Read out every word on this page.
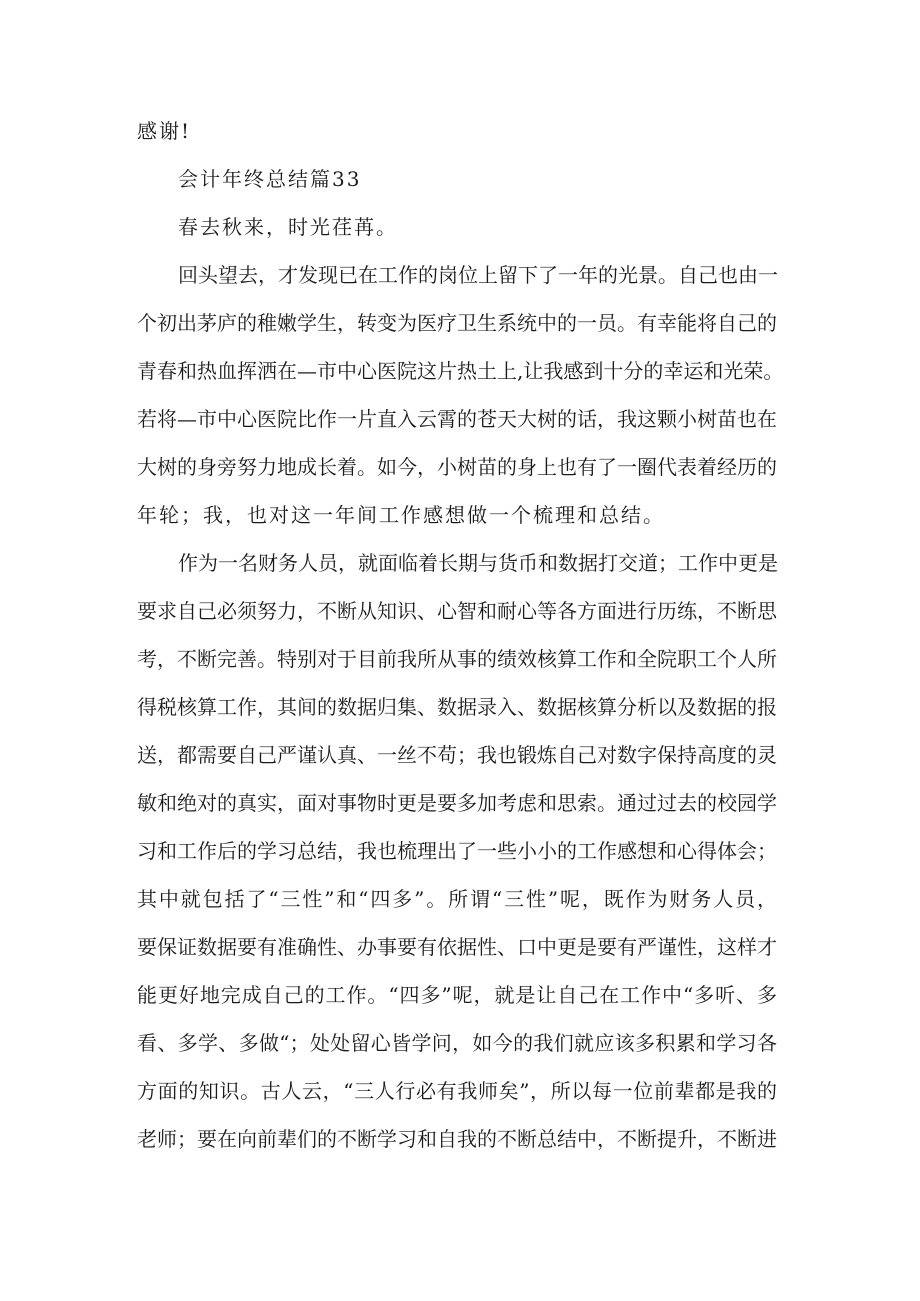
感谢!
会计年终总结篇33
春去秋来，时光荏苒。
回头望去，才发现已在工作的岗位上留下了一年的光景。自己也由一
个初出茅庐的稚嫩学生，转变为医疗卫生系统中的一员。有幸能将自己的
青春和热血挥洒在—市中心医院这片热土上,让我感到十分的幸运和光荣。
若将—市中心医院比作一片直入云霄的苍天大树的话，我这颗小树苗也在
大树的身旁努力地成长着。如今，小树苗的身上也有了一圈代表着经历的
年轮；我，也对这一年间工作感想做一个梳理和总结。
作为一名财务人员，就面临着长期与货币和数据打交道；工作中更是
要求自己必须努力，不断从知识、心智和耐心等各方面进行历练，不断思
考，不断完善。特别对于目前我所从事的绩效核算工作和全院职工个人所
得税核算工作，其间的数据归集、数据录入、数据核算分析以及数据的报
送，都需要自己严谨认真、一丝不苟；我也锻炼自己对数字保持高度的灵
敏和绝对的真实，面对事物时更是要多加考虑和思索。通过过去的校园学
习和工作后的学习总结，我也梳理出了一些小小的工作感想和心得体会；
其中就包括了“三性”和“四多”。所谓“三性”呢，既作为财务人员，
要保证数据要有准确性、办事要有依据性、口中更是要有严谨性，这样才
能更好地完成自己的工作。“四多”呢，就是让自己在工作中“多听、多
看、多学、多做“；处处留心皆学问，如今的我们就应该多积累和学习各
方面的知识。古人云，“三人行必有我师矣”，所以每一位前辈都是我的
老师；要在向前辈们的不断学习和自我的不断总结中，不断提升，不断进
